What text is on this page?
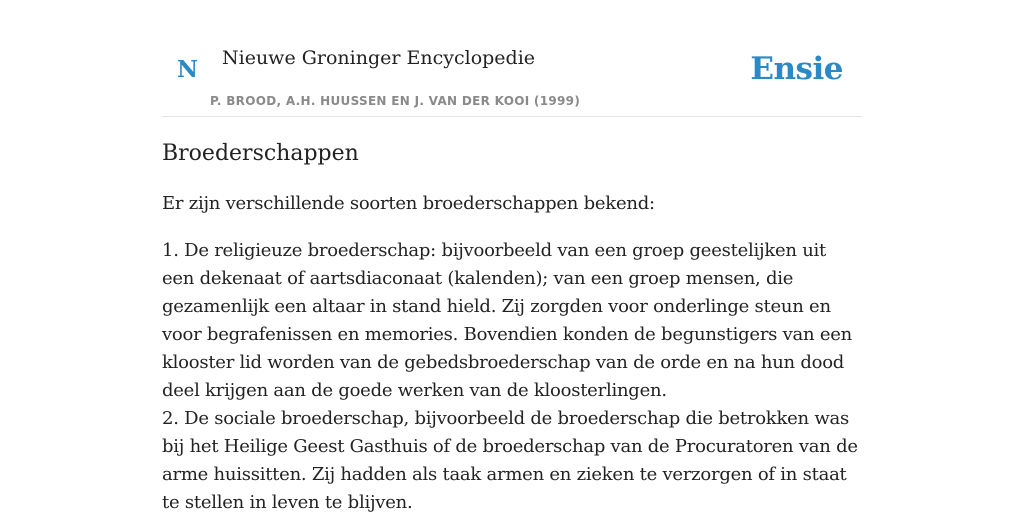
N Nieuwe Groninger Encyclopedie
P. BROOD, A.H. HUUSSEN EN J. VAN DER KOOI (1999)
Ensie
Broederschappen

Er zijn verschillende soorten broederschappen bekend:

1. De religieuze broederschap: bijvoorbeeld van een groep geestelijken uit een dekenaat of aartsdiaconaat (kalenden); van een groep mensen, die gezamenlijk een altaar in stand hield. Zij zorgden voor onderlinge steun en voor begrafenissen en memories. Bovendien konden de begunstigers van een klooster lid worden van de gebedsbroederschap van de orde en na hun dood deel krijgen aan de goede werken van de kloosterlingen.
2. De sociale broederschap, bijvoorbeeld de broederschap die betrokken was bij het Heilige Geest Gasthuis of de broederschap van de Procuratoren van de arme huissitten. Zij hadden als taak armen en zieken te verzorgen of in staat te stellen in leven te blijven.
